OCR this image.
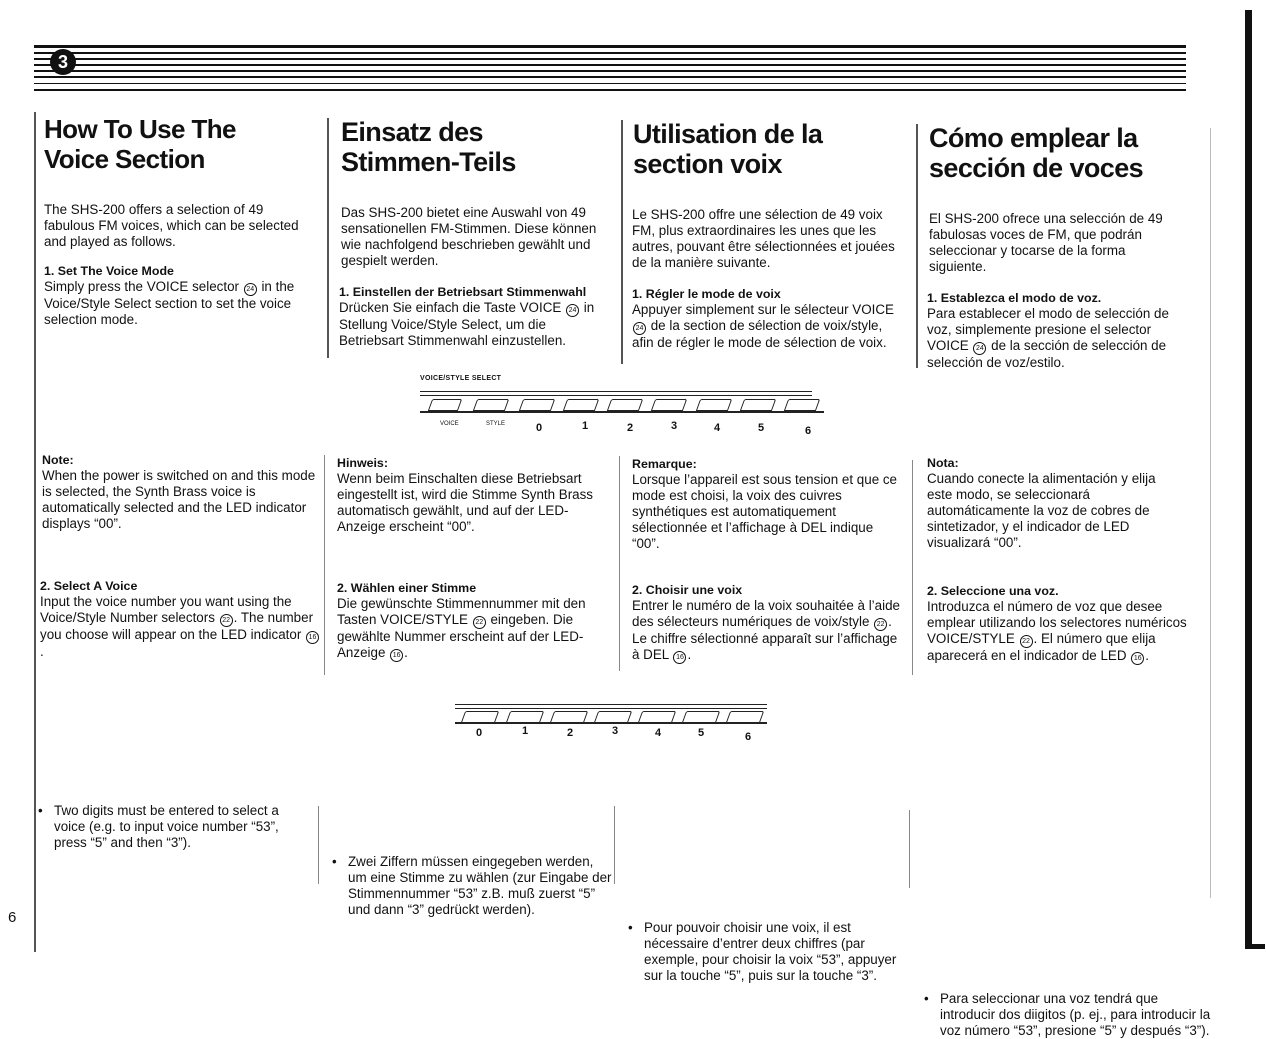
3
How To Use The
Voice Section

The SHS-200 offers a selection of 49 fabulous FM voices, which can be selected and played as follows.

1. Set The Voice Mode

Simply press the VOICE selector 24 in the Voice/Style Select section to set the voice selection mode.

Note:

When the power is switched on and this mode is selected, the Synth Brass voice is automatically selected and the LED indicator displays “00”.

2. Select A Voice

Input the voice number you want using the Voice/Style Number selectors 22 . The number you choose will appear on the LED indicator 16.

• Two digits must be entered to select a voice (e.g. to input voice number “53”, press “5” and then “3”).

Einsatz des
Stimmen-Teils

Das SHS-200 bietet eine Auswahl von 49 sensationellen FM-Stimmen. Diese können wie nachfolgend beschrieben gewählt und gespielt werden.

1. Einstellen der Betriebsart Stimmenwahl

Drücken Sie einfach die Taste VOICE 24 in Stellung Voice/Style Select, um die Betriebsart Stimmenwahl einzustellen.

Hinweis:

Wenn beim Einschalten diese Betriebsart eingestellt ist, wird die Stimme Synth Brass automatisch gewählt, und auf der LED-Anzeige erscheint “00”.

2. Wählen einer Stimme

Die gewünschte Stimmennummer mit den Tasten VOICE/STYLE 22 eingeben. Die gewählte Nummer erscheint auf der LED-Anzeige 16 .

• Zwei Ziffern müssen eingegeben werden, um eine Stimme zu wählen (zur Eingabe der Stimmennummer “53” z.B. muß zuerst “5” und dann “3” gedrückt werden).

Utilisation de la
section voix

Le SHS-200 offre une sélection de 49 voix FM, plus extraordinaires les unes que les autres, pouvant être sélectionnées et jouées de la manière suivante.

1. Régler le mode de voix

Appuyer simplement sur le sélecteur VOICE 24 de la section de sélection de voix/style, afin de régler le mode de sélection de voix.

Remarque:

Lorsque l’appareil est sous tension et que ce mode est choisi, la voix des cuivres synthétiques est automatiquement sélectionnée et l’affichage à DEL indique “00”.

2. Choisir une voix

Entrer le numéro de la voix souhaitée à l’aide des sélecteurs numériques de voix/style 22 . Le chiffre sélectionné apparaît sur l’affichage à DEL 16 .

• Pour pouvoir choisir une voix, il est nécessaire d’entrer deux chiffres (par exemple, pour choisir la voix “53”, appuyer sur la touche “5”, puis sur la touche “3”.

Cómo emplear la
sección de voces

El SHS-200 ofrece una selección de 49 fabulosas voces de FM, que podrán seleccionar y tocarse de la forma siguiente.

1. Establezca el modo de voz.

Para establecer el modo de selección de voz, simplemente presione el selector VOICE 24 de la sección de selección de selección de voz/estilo.

Nota:

Cuando conecte la alimentación y elija este modo, se seleccionará automáticamente la voz de cobres de sintetizador, y el indicador de LED visualizará “00”.

2. Seleccione una voz.

Introduzca el número de voz que desee emplear utilizando los selectores numéricos VOICE/STYLE 22 . El número que elija aparecerá en el indicador de LED 16 .

• Para seleccionar una voz tendrá que introducir dos diigitos (p. ej., para introducir la voz número “53”, presione “5” y después “3”).

VOICE/STYLE SELECT
VOICE	STYLE	0	1	2	3	4	5	6
0	1	2	3	4	5	6
6
